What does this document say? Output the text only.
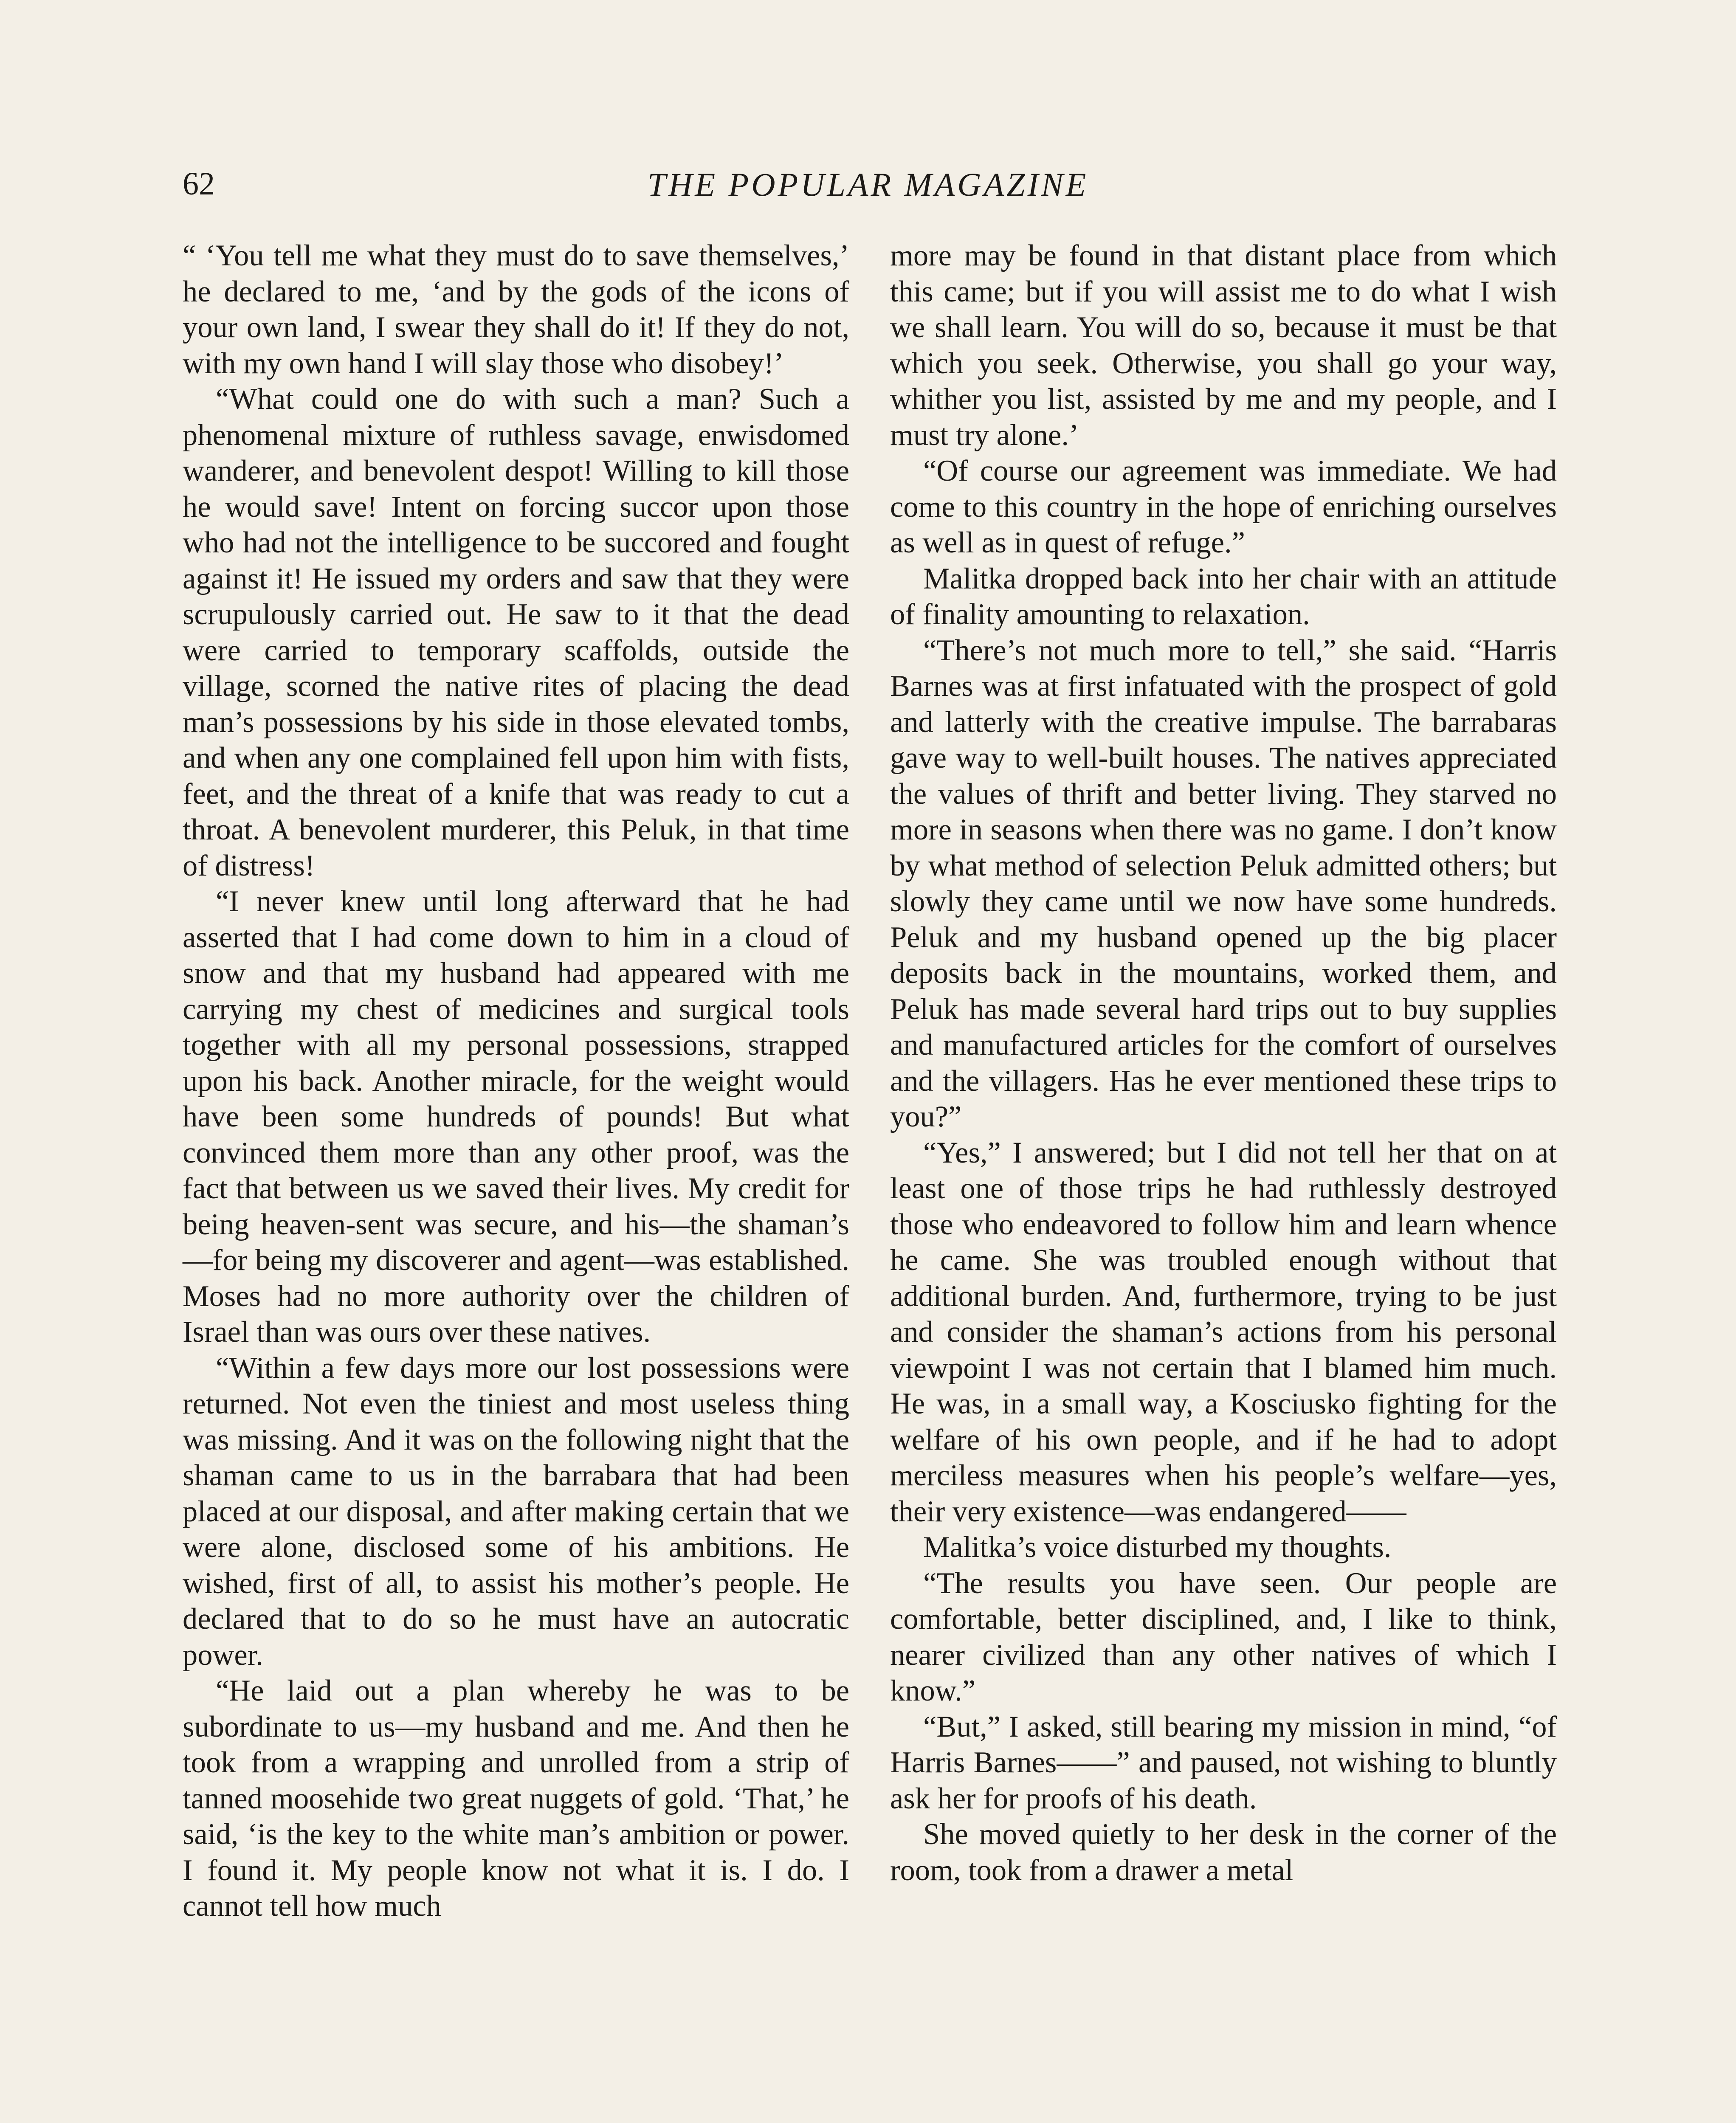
62	THE POPULAR MAGAZINE

“ ‘You tell me what they must do to save themselves,’ he declared to me, ‘and by the gods of the icons of your own land, I swear they shall do it! If they do not, with my own hand I will slay those who disobey!’

“What could one do with such a man? Such a phenomenal mixture of ruthless savage, enwisdomed wanderer, and benevolent despot! Willing to kill those he would save! Intent on forcing succor upon those who had not the intelligence to be succored and fought against it! He issued my orders and saw that they were scrupulously carried out. He saw to it that the dead were carried to temporary scaffolds, outside the village, scorned the native rites of placing the dead man’s possessions by his side in those elevated tombs, and when any one complained fell upon him with fists, feet, and the threat of a knife that was ready to cut a throat. A benevolent murderer, this Peluk, in that time of distress!

“I never knew until long afterward that he had asserted that I had come down to him in a cloud of snow and that my husband had appeared with me carrying my chest of medicines and surgical tools together with all my personal possessions, strapped upon his back. Another miracle, for the weight would have been some hundreds of pounds! But what convinced them more than any other proof, was the fact that between us we saved their lives. My credit for being heaven-sent was secure, and his—the shaman’s—for being my discoverer and agent—was established. Moses had no more authority over the children of Israel than was ours over these natives.

“Within a few days more our lost possessions were returned. Not even the tiniest and most useless thing was missing. And it was on the following night that the shaman came to us in the barrabara that had been placed at our disposal, and after making certain that we were alone, disclosed some of his ambitions. He wished, first of all, to assist his mother’s people. He declared that to do so he must have an autocratic power.

“He laid out a plan whereby he was to be subordinate to us—my husband and me. And then he took from a wrapping and unrolled from a strip of tanned moosehide two great nuggets of gold. ‘That,’ he said, ‘is the key to the white man’s ambition or power. I found it. My people know not what it is. I do. I cannot tell how much

more may be found in that distant place from which this came; but if you will assist me to do what I wish we shall learn. You will do so, because it must be that which you seek. Otherwise, you shall go your way, whither you list, assisted by me and my people, and I must try alone.’

“Of course our agreement was immediate. We had come to this country in the hope of enriching ourselves as well as in quest of refuge.”

Malitka dropped back into her chair with an attitude of finality amounting to relaxation.

“There’s not much more to tell,” she said. “Harris Barnes was at first infatuated with the prospect of gold and latterly with the creative impulse. The barrabaras gave way to well-built houses. The natives appreciated the values of thrift and better living. They starved no more in seasons when there was no game. I don’t know by what method of selection Peluk admitted others; but slowly they came until we now have some hundreds. Peluk and my husband opened up the big placer deposits back in the mountains, worked them, and Peluk has made several hard trips out to buy supplies and manufactured articles for the comfort of ourselves and the villagers. Has he ever mentioned these trips to you?”

“Yes,” I answered; but I did not tell her that on at least one of those trips he had ruthlessly destroyed those who endeavored to follow him and learn whence he came. She was troubled enough without that additional burden. And, furthermore, trying to be just and consider the shaman’s actions from his personal viewpoint I was not certain that I blamed him much. He was, in a small way, a Kosciusko fighting for the welfare of his own people, and if he had to adopt merciless measures when his people’s welfare—yes, their very existence—was endangered——

Malitka’s voice disturbed my thoughts.

“The results you have seen. Our people are comfortable, better disciplined, and, I like to think, nearer civilized than any other natives of which I know.”

“But,” I asked, still bearing my mission in mind, “of Harris Barnes——” and paused, not wishing to bluntly ask her for proofs of his death.

She moved quietly to her desk in the corner of the room, took from a drawer a metal
